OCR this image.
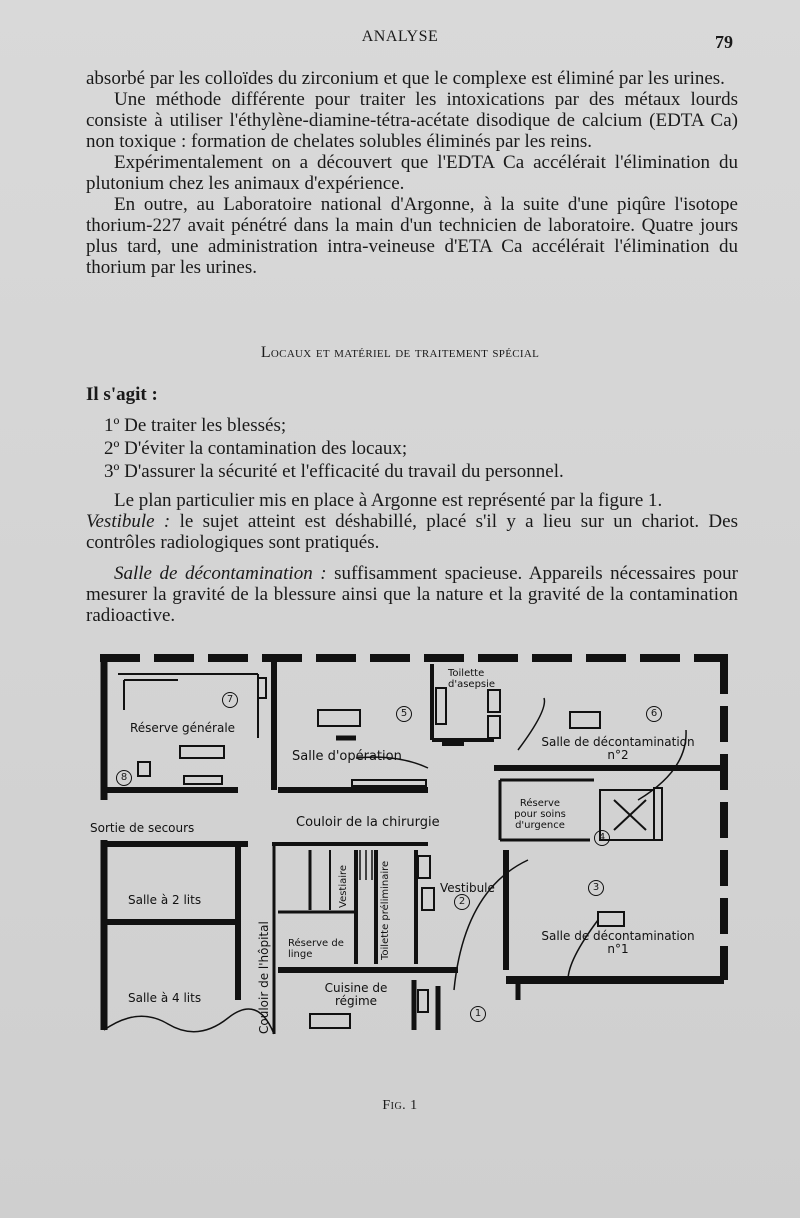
ANALYSE	79

absorbé par les colloïdes du zirconium et que le complexe est éliminé par les urines.

Une méthode différente pour traiter les intoxications par des métaux lourds consiste à utiliser l'éthylène-diamine-tétra-acétate disodique de calcium (EDTA Ca) non toxique : formation de chelates solubles éliminés par les reins.

Expérimentalement on a découvert que l'EDTA Ca accélérait l'élimination du plutonium chez les animaux d'expérience.

En outre, au Laboratoire national d'Argonne, à la suite d'une piqûre l'isotope thorium-227 avait pénétré dans la main d'un technicien de laboratoire. Quatre jours plus tard, une administration intra-veineuse d'ETA Ca accélérait l'élimination du thorium par les urines.

Locaux et matériel de traitement spécial

Il s'agit :

1º De traiter les blessés;
2º D'éviter la contamination des locaux;
3º D'assurer la sécurité et l'efficacité du travail du personnel.

Le plan particulier mis en place à Argonne est représenté par la figure 1.

Vestibule : le sujet atteint est déshabillé, placé s'il y a lieu sur un chariot. Des contrôles radiologiques sont pratiqués.

Salle de décontamination : suffisamment spacieuse. Appareils nécessaires pour mesurer la gravité de la blessure ainsi que la nature et la gravité de la contamination radioactive.

Réserve générale
Salle d'opération
Toilette d'asepsie
Salle de décontamination n°2
Sortie de secours	Couloir de la chirurgie
Réserve pour soins d'urgence
Salle à 2 lits
Salle à 4 lits	Couloir de l'hôpital
Vestiaire
Réserve de linge	Toilette préliminaire	Vestibule
Cuisine de régime
Salle de décontamination n°1
1
2
3
4
5	6
7
8
Fig. 1
